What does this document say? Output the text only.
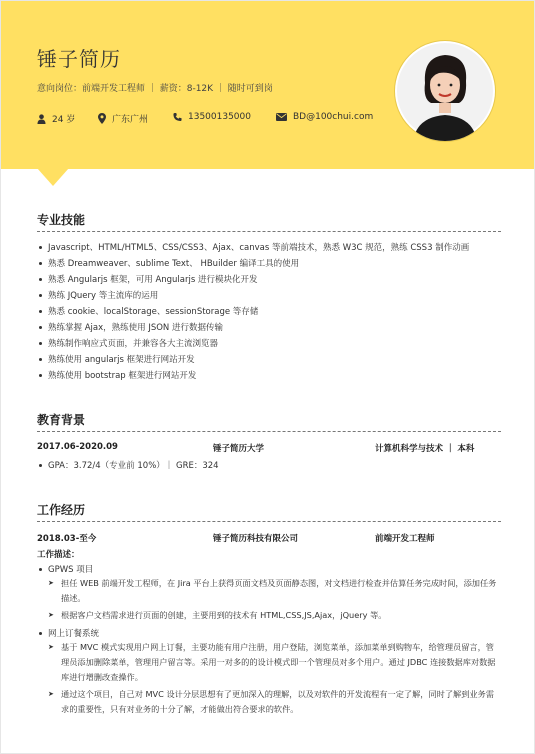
锤子简历
意向岗位：前端开发工程师 ｜ 薪资：8-12K ｜ 随时可到岗
24 岁	广东广州	13500135000	BD@100chui.com
专业技能
Javascript、HTML/HTML5、CSS/CSS3、Ajax、canvas 等前端技术，熟悉 W3C 规范，熟练 CSS3 制作动画
熟悉 Dreamweaver、sublime Text、 HBuilder 编译工具的使用
熟悉 Angularjs 框架，可用 Angularjs 进行模块化开发
熟练 JQuery 等主流库的运用
熟悉 cookie、localStorage、sessionStorage 等存储
熟练掌握 Ajax，熟练使用 JSON 进行数据传输
熟练制作响应式页面，并兼容各大主流浏览器
熟练使用 angularjs 框架进行网站开发
熟练使用 bootstrap 框架进行网站开发
教育背景
2017.06-2020.09	锤子简历大学	计算机科学与技术 ｜ 本科
GPA：3.72/4（专业前 10%）｜ GRE：324
工作经历
2018.03-至今	锤子简历科技有限公司	前端开发工程师
工作描述：
GPWS 项目
➤ 担任 WEB 前端开发工程师，在 Jira 平台上获得页面文档及页面静态图，对文档进行检查并估算任务完成时间，添加任务描述。
➤ 根据客户文档需求进行页面的创建，主要用到的技术有 HTML,CSS,JS,Ajax，jQuery 等。
网上订餐系统
➤ 基于 MVC 模式实现用户网上订餐，主要功能有用户注册，用户登陆，浏览菜单，添加菜单到购物车，给管理员留言，管理员添加删除菜单，管理用户留言等。采用一对多的的设计模式即一个管理员对多个用户。通过 JDBC 连接数据库对数据库进行增删改查操作。
➤ 通过这个项目，自己对 MVC 设计分层思想有了更加深入的理解，以及对软件的开发流程有一定了解，同时了解到业务需求的重要性，只有对业务的十分了解，才能做出符合要求的软件。
